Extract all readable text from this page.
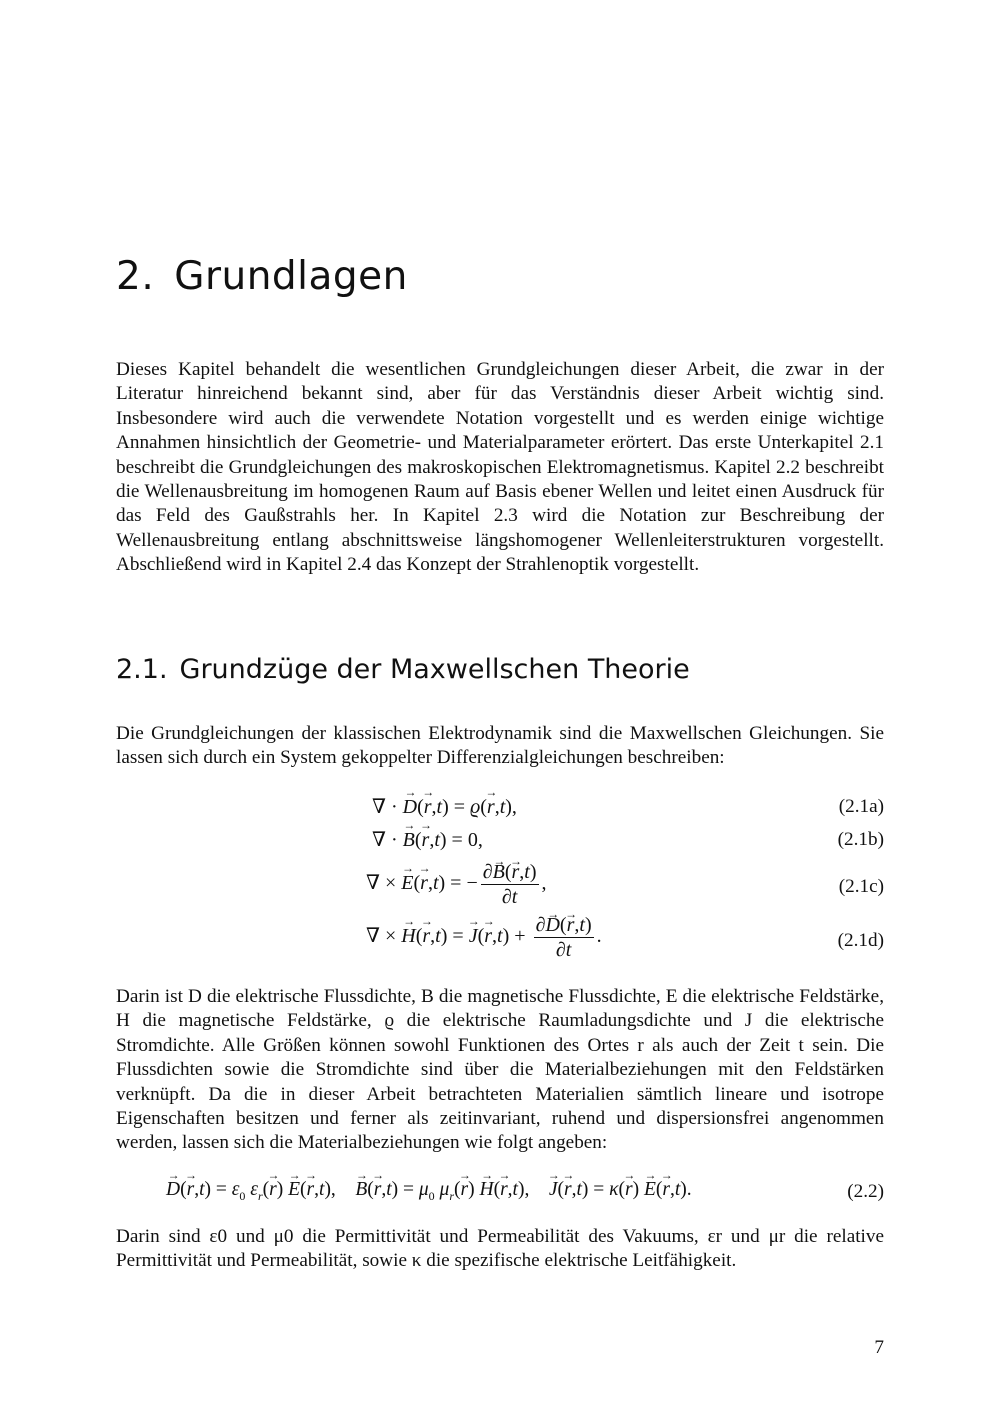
2. Grundlagen
Dieses Kapitel behandelt die wesentlichen Grundgleichungen dieser Arbeit, die zwar in der Literatur hinreichend bekannt sind, aber für das Verständnis dieser Arbeit wichtig sind. Insbesondere wird auch die verwendete Notation vorgestellt und es werden einige wichtige Annahmen hinsichtlich der Geometrie- und Materialparameter erörtert. Das erste Unterkapitel 2.1 beschreibt die Grundgleichungen des makroskopischen Elektromagnetismus. Kapitel 2.2 beschreibt die Wellenausbreitung im homogenen Raum auf Basis ebener Wellen und leitet einen Ausdruck für das Feld des Gaußstrahls her. In Kapitel 2.3 wird die Notation zur Beschreibung der Wellenausbreitung entlang abschnittsweise längshomogener Wellenleiterstrukturen vorgestellt. Abschließend wird in Kapitel 2.4 das Konzept der Strahlenoptik vorgestellt.
2.1. Grundzüge der Maxwellschen Theorie
Die Grundgleichungen der klassischen Elektrodynamik sind die Maxwellschen Gleichungen. Sie lassen sich durch ein System gekoppelter Differenzialgleichungen beschreiben:
∇ · → D(→ r,t) = ϱ(→ r,t),	(2.1a)
∇ · → B(→ r,t) = 0,	(2.1b)
∇ × → E(→ r,t) = − $\frac{\partial\to B(\to r,t)}{\partial t}$ ,	(2.1c)
∇ × → H(→ r,t) = → $J(\to r,t) + \frac{\partial\to D(\to r,t)}{\partial t}$ .	(2.1d)
Darin ist D die elektrische Flussdichte, B die magnetische Flussdichte, E die elektrische Feldstärke, H die magnetische Feldstärke, ϱ die elektrische Raumladungsdichte und J die elektrische Stromdichte. Alle Größen können sowohl Funktionen des Ortes r als auch der Zeit t sein. Die Flussdichten sowie die Stromdichte sind über die Materialbeziehungen mit den Feldstärken verknüpft. Da die in dieser Arbeit betrachteten Materialien sämtlich lineare und isotrope Eigenschaften besitzen und ferner als zeitinvariant, ruhend und dispersionsfrei angenommen werden, lassen sich die Materialbeziehungen wie folgt angeben:
→ $D(\to r,t) = \varepsilon_0$ $\varepsilon_r(\to r) \to E(\to r,t)$,    → $B(\to r,t) = \mu_0$ $\mu_r(\to r) \to H(\to r,t)$,    → J(→ r,t) = κ(→ r) → E(→ r,t).	(2.2)
Darin sind ε0 und μ0 die Permittivität und Permeabilität des Vakuums, εr und μr die relative Permittivität und Permeabilität, sowie κ die spezifische elektrische Leitfähigkeit.
7
